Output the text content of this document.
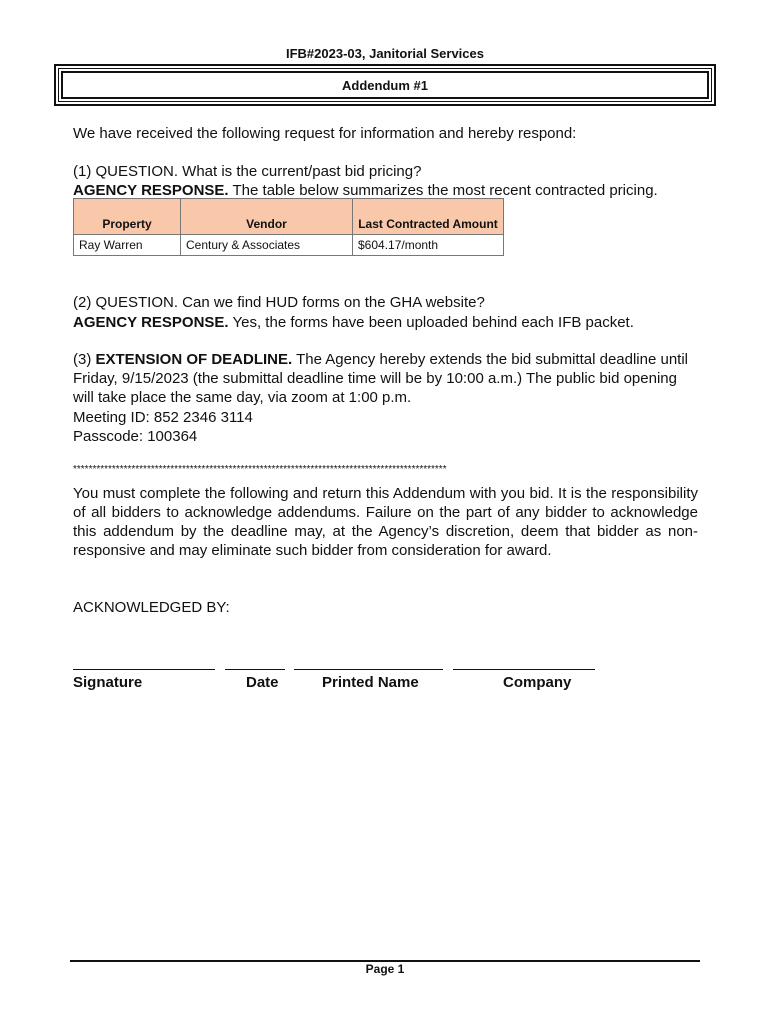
IFB#2023-03, Janitorial Services
Addendum #1
We have received the following request for information and hereby respond:
(1) QUESTION. What is the current/past bid pricing?
AGENCY RESPONSE. The table below summarizes the most recent contracted pricing.
Property	Vendor	Last Contracted Amount
Ray Warren	Century & Associates	$604.17/month
(2) QUESTION. Can we find HUD forms on the GHA website?
AGENCY RESPONSE. Yes, the forms have been uploaded behind each IFB packet.
(3) EXTENSION OF DEADLINE. The Agency hereby extends the bid submittal deadline until Friday, 9/15/2023 (the submittal deadline time will be by 10:00 a.m.) The public bid opening will take place the same day, via zoom at 1:00 p.m.
Meeting ID: 852 2346 3114
Passcode: 100364
************************************************************************************************
You must complete the following and return this Addendum with you bid. It is the responsibility of all bidders to acknowledge addendums. Failure on the part of any bidder to acknowledge this addendum by the deadline may, at the Agency’s discretion, deem that bidder as non-responsive and may eliminate such bidder from consideration for award.
ACKNOWLEDGED BY:
Signature	Date	Printed Name	Company
Page 1
